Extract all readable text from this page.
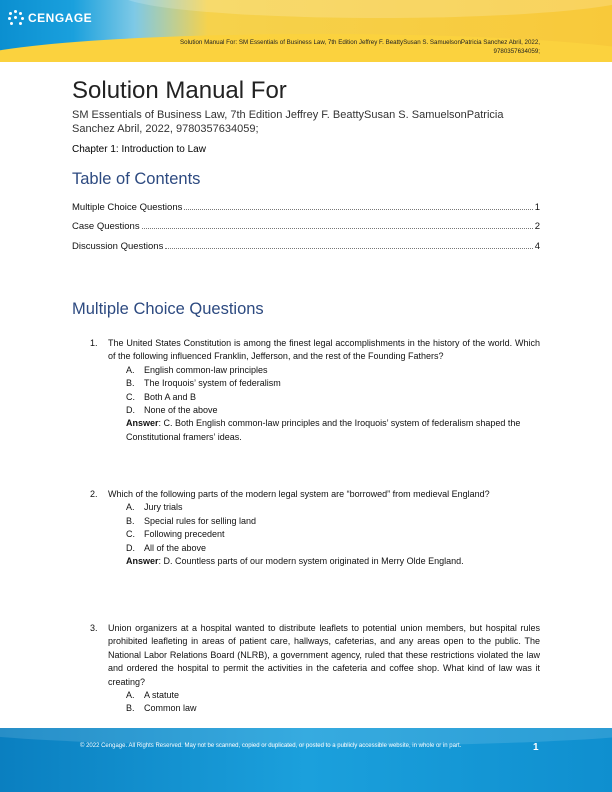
CENGAGE
Solution Manual For: SM Essentials of Business Law, 7th Edition Jeffrey F. BeattySusan S. SamuelsonPatricia Sanchez Abril, 2022,
9780357634059;
Solution Manual For
SM Essentials of Business Law, 7th Edition Jeffrey F. BeattySusan S. SamuelsonPatricia Sanchez Abril, 2022, 9780357634059;
Chapter 1: Introduction to Law
Table of Contents
Multiple Choice Questions	1
Case Questions	2
Discussion Questions	4
Multiple Choice Questions
1. The United States Constitution is among the finest legal accomplishments in the history of the world. Which of the following influenced Franklin, Jefferson, and the rest of the Founding Fathers?
A.	English common-law principles
B.	The Iroquois’ system of federalism
C.	Both A and B
D.	None of the above
Answer: C. Both English common-law principles and the Iroquois’ system of federalism shaped the Constitutional framers’ ideas.
2. Which of the following parts of the modern legal system are “borrowed” from medieval England?
A.	Jury trials
B.	Special rules for selling land
C.	Following precedent
D.	All of the above
Answer: D. Countless parts of our modern system originated in Merry Olde England.
3. Union organizers at a hospital wanted to distribute leaflets to potential union members, but hospital rules prohibited leafleting in areas of patient care, hallways, cafeterias, and any areas open to the public. The National Labor Relations Board (NLRB), a government agency, ruled that these restrictions violated the law and ordered the hospital to permit the activities in the cafeteria and coffee shop. What kind of law was it creating?
A.	A statute
B.	Common law
© 2022 Cengage. All Rights Reserved. May not be scanned, copied or duplicated, or posted to a publicly accessible website, in whole or in part.	1
